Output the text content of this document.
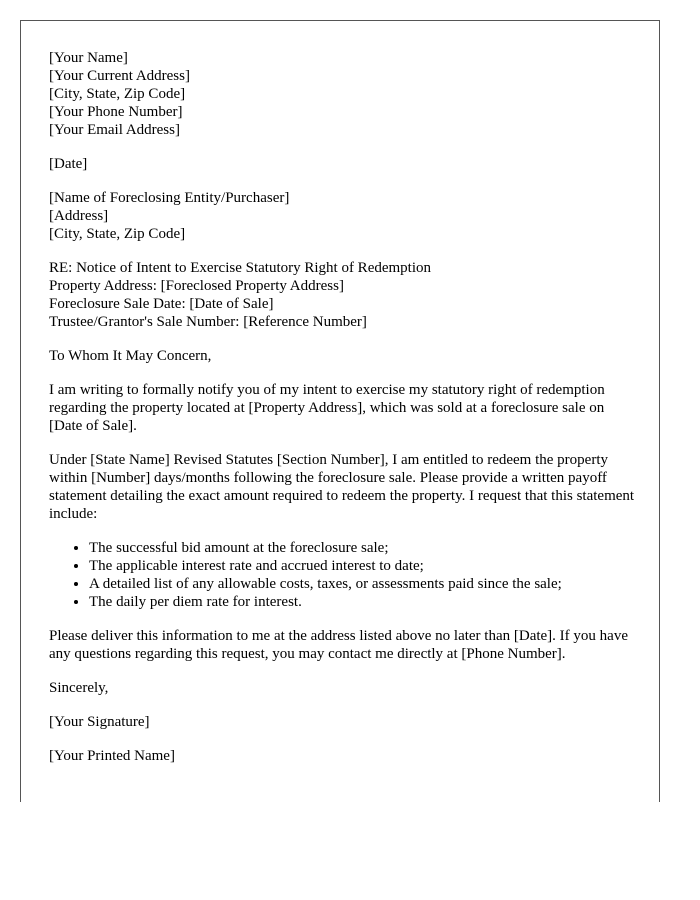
[Your Name]
[Your Current Address]
[City, State, Zip Code]
[Your Phone Number]
[Your Email Address]
[Date]
[Name of Foreclosing Entity/Purchaser]
[Address]
[City, State, Zip Code]
RE: Notice of Intent to Exercise Statutory Right of Redemption
Property Address: [Foreclosed Property Address]
Foreclosure Sale Date: [Date of Sale]
Trustee/Grantor's Sale Number: [Reference Number]

To Whom It May Concern,

I am writing to formally notify you of my intent to exercise my statutory right of redemption regarding the property located at [Property Address], which was sold at a foreclosure sale on [Date of Sale].

Under [State Name] Revised Statutes [Section Number], I am entitled to redeem the property within [Number] days/months following the foreclosure sale. Please provide a written payoff statement detailing the exact amount required to redeem the property. I request that this statement include:

• The successful bid amount at the foreclosure sale;
• The applicable interest rate and accrued interest to date;
• A detailed list of any allowable costs, taxes, or assessments paid since the sale;
• The daily per diem rate for interest.

Please deliver this information to me at the address listed above no later than [Date]. If you have any questions regarding this request, you may contact me directly at [Phone Number].

Sincerely,

[Your Signature]

[Your Printed Name]
